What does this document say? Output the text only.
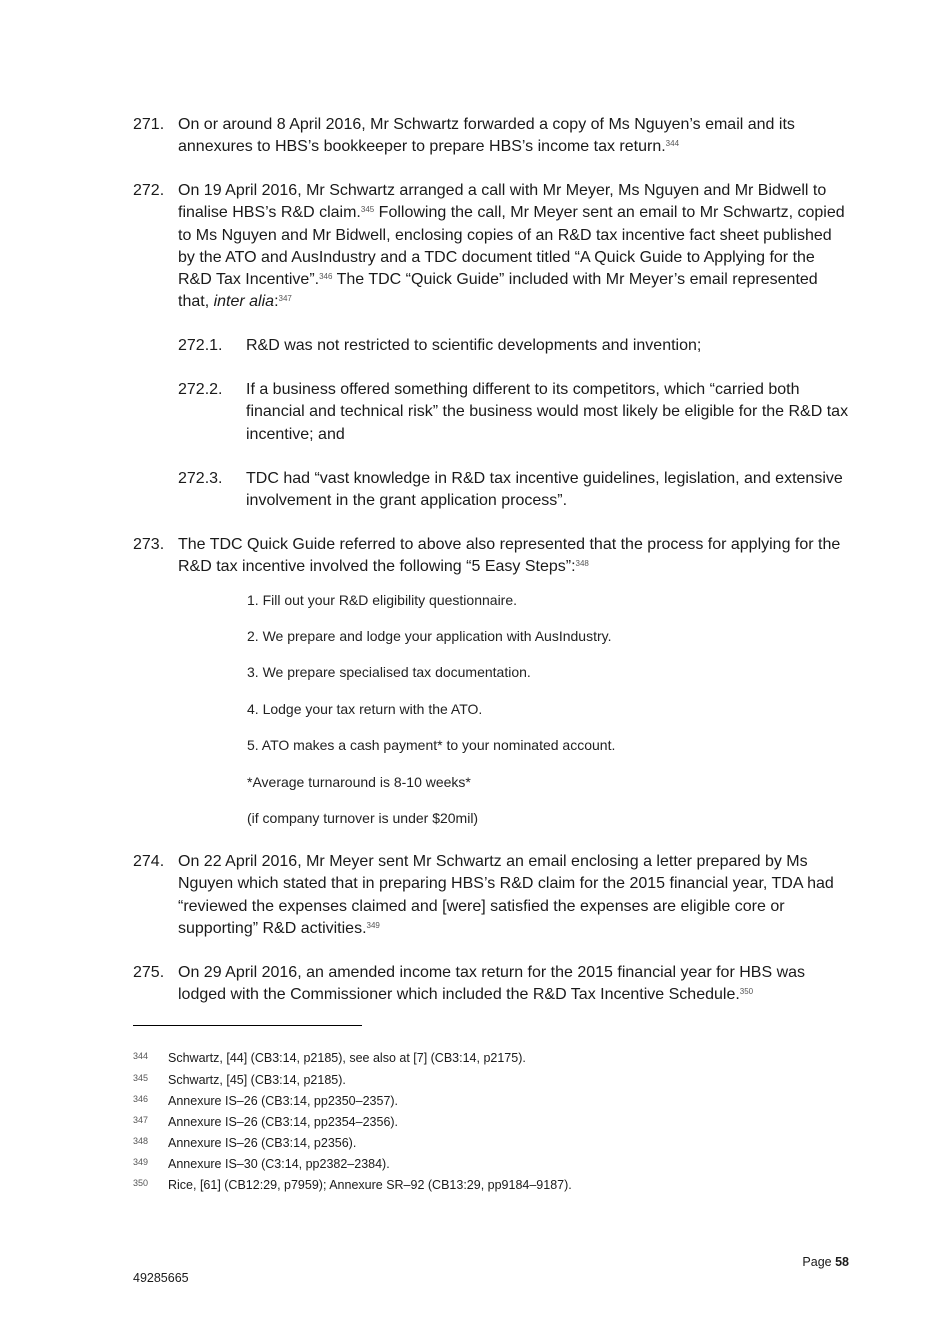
271. On or around 8 April 2016, Mr Schwartz forwarded a copy of Ms Nguyen’s email and its annexures to HBS’s bookkeeper to prepare HBS’s income tax return.$^{344}$
272. On 19 April 2016, Mr Schwartz arranged a call with Mr Meyer, Ms Nguyen and Mr Bidwell to finalise HBS’s R&D claim.$^{345}$ Following the call, Mr Meyer sent an email to Mr Schwartz, copied to Ms Nguyen and Mr Bidwell, enclosing copies of an R&D tax incentive fact sheet published by the ATO and AusIndustry and a TDC document titled “A Quick Guide to Applying for the R&D Tax Incentive”.$^{346}$ The TDC “Quick Guide” included with Mr Meyer’s email represented that, inter alia:$^{347}$
272.1. R&D was not restricted to scientific developments and invention;
272.2. If a business offered something different to its competitors, which “carried both financial and technical risk” the business would most likely be eligible for the R&D tax incentive; and
272.3. TDC had “vast knowledge in R&D tax incentive guidelines, legislation, and extensive involvement in the grant application process”.
273. The TDC Quick Guide referred to above also represented that the process for applying for the R&D tax incentive involved the following “5 Easy Steps”:$^{348}$
1. Fill out your R&D eligibility questionnaire.
2. We prepare and lodge your application with AusIndustry.
3. We prepare specialised tax documentation.
4. Lodge your tax return with the ATO.
5. ATO makes a cash payment* to your nominated account.
*Average turnaround is 8-10 weeks*
(if company turnover is under $20mil)
274. On 22 April 2016, Mr Meyer sent Mr Schwartz an email enclosing a letter prepared by Ms Nguyen which stated that in preparing HBS’s R&D claim for the 2015 financial year, TDA had “reviewed the expenses claimed and [were] satisfied the expenses are eligible core or supporting” R&D activities.$^{349}$
275. On 29 April 2016, an amended income tax return for the 2015 financial year for HBS was lodged with the Commissioner which included the R&D Tax Incentive Schedule.$^{350}$
344 Schwartz, [44] (CB3:14, p2185), see also at [7] (CB3:14, p2175).
345 Schwartz, [45] (CB3:14, p2185).
346 Annexure IS–26 (CB3:14, pp2350–2357).
347 Annexure IS–26 (CB3:14, pp2354–2356).
348 Annexure IS–26 (CB3:14, p2356).
349 Annexure IS–30 (C3:14, pp2382–2384).
350 Rice, [61] (CB12:29, p7959); Annexure SR–92 (CB13:29, pp9184–9187).
Page 58
49285665
